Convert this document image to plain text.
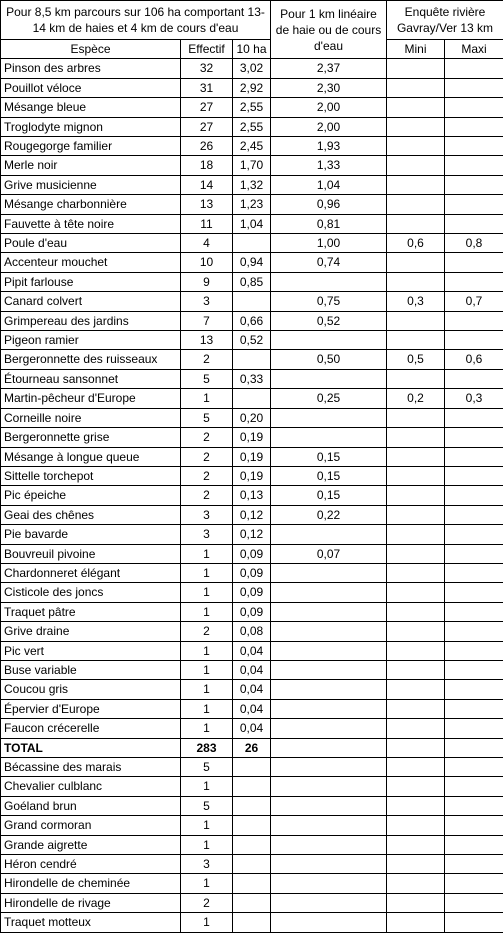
Pour 8,5 km parcours sur 106 ha comportant 13-14 km de haies et 4 km de cours d'eau			Pour 1 km linéaire de haie ou de cours d'eau	Enquête rivière Gavray/Ver 13 km	

Espèce	Effectif	10 ha		Mini	Maxi
Pinson des arbres	32	3,02	2,37		
Pouillot véloce	31	2,92	2,30		
Mésange bleue	27	2,55	2,00		
Troglodyte mignon	27	2,55	2,00		
Rougegorge familier	26	2,45	1,93		
Merle noir	18	1,70	1,33		
Grive musicienne	14	1,32	1,04		
Mésange charbonnière	13	1,23	0,96		
Fauvette à tête noire	11	1,04	0,81		
Poule d'eau	4		1,00	0,6	0,8
Accenteur mouchet	10	0,94	0,74		
Pipit farlouse	9	0,85			
Canard colvert	3		0,75	0,3	0,7
Grimpereau des jardins	7	0,66	0,52		
Pigeon ramier	13	0,52			
Bergeronnette des ruisseaux	2		0,50	0,5	0,6
Étourneau sansonnet	5	0,33			
Martin-pêcheur d'Europe	1		0,25	0,2	0,3
Corneille noire	5	0,20			
Bergeronnette grise	2	0,19			
Mésange à longue queue	2	0,19	0,15		
Sittelle torchepot	2	0,19	0,15		
Pic épeiche	2	0,13	0,15		
Geai des chênes	3	0,12	0,22		
Pie bavarde	3	0,12			
Bouvreuil pivoine	1	0,09	0,07		
Chardonneret élégant	1	0,09			
Cisticole des joncs	1	0,09			
Traquet pâtre	1	0,09			
Grive draine	2	0,08			
Pic vert	1	0,04			
Buse variable	1	0,04			
Coucou gris	1	0,04			
Épervier d'Europe	1	0,04			
Faucon crécerelle	1	0,04			
TOTAL	283	26			
Bécassine des marais	5				
Chevalier culblanc	1				
Goéland brun	5				
Grand cormoran	1				
Grande aigrette	1				
Héron cendré	3				
Hirondelle de cheminée	1				
Hirondelle de rivage	2				
Traquet motteux	1				
